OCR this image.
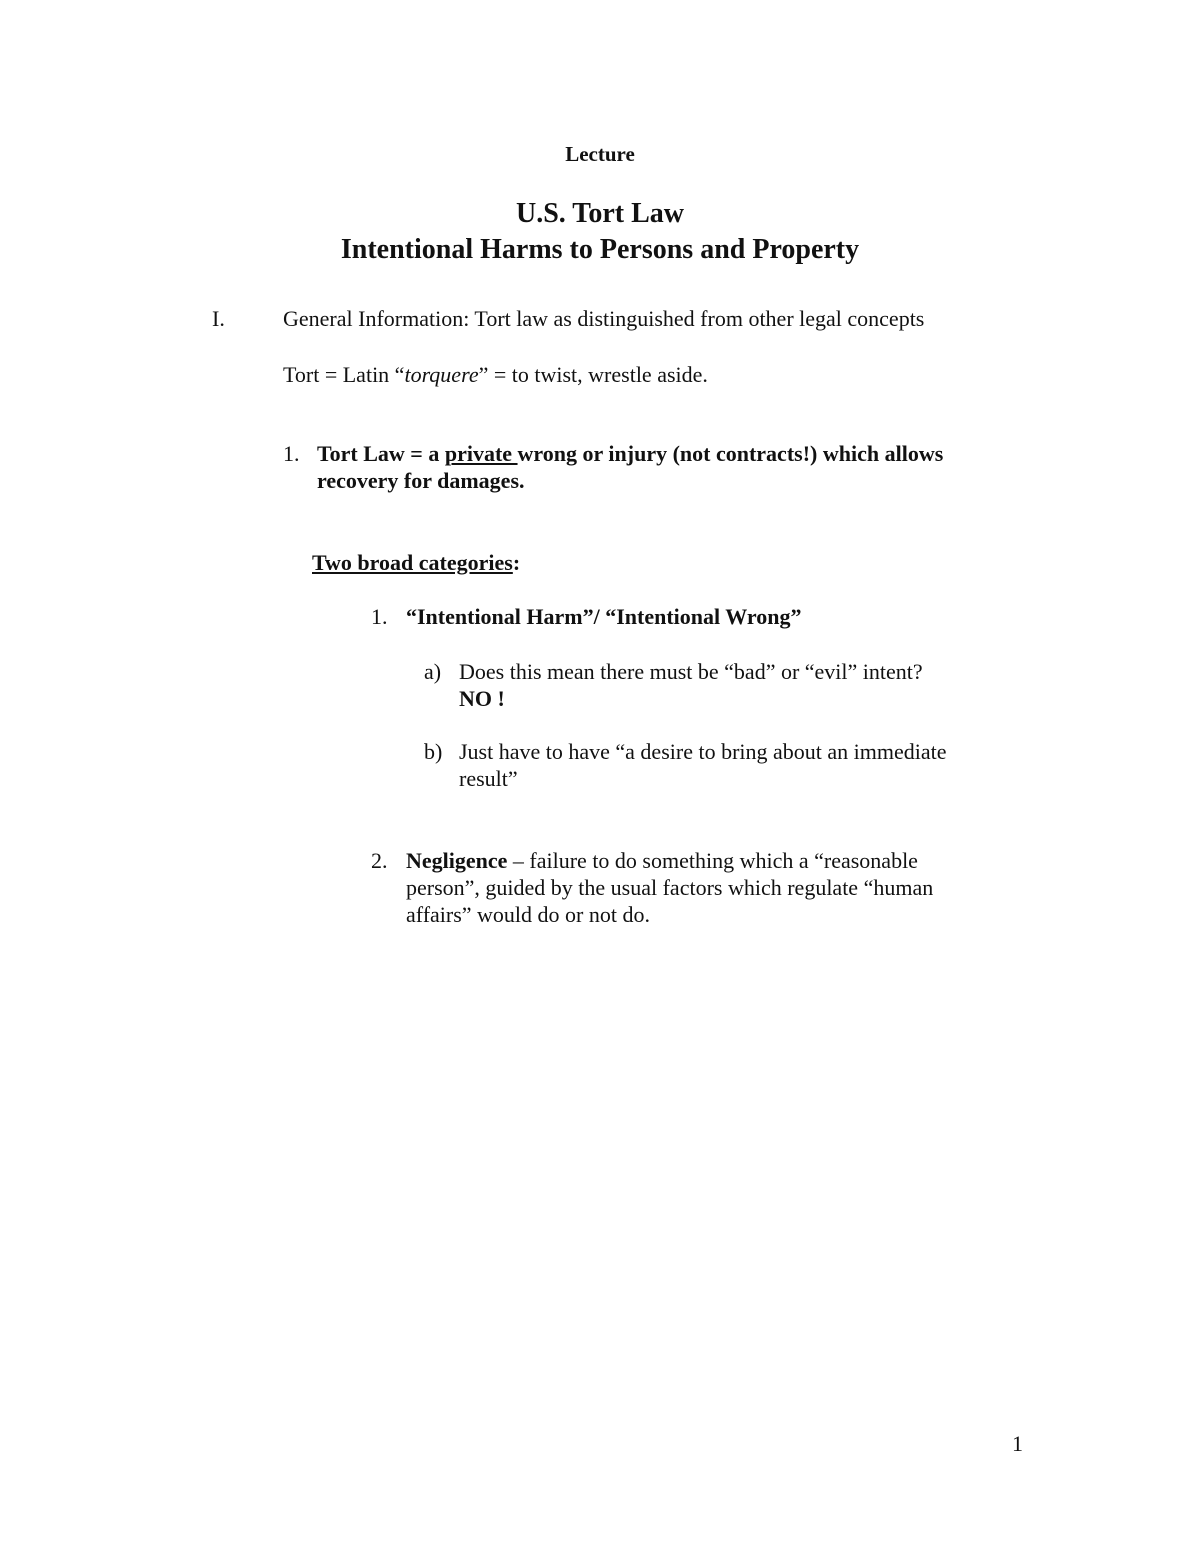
Lecture
U.S. Tort Law
Intentional Harms to Persons and Property
I.	General Information: Tort law as distinguished from other legal concepts
Tort = Latin “torquere” = to twist, wrestle aside.
1. Tort Law = a private wrong or injury (not contracts!) which allows
recovery for damages.
Two broad categories:
1. “Intentional Harm”/ “Intentional Wrong”
a) Does this mean there must be “bad” or “evil” intent?
NO !
b) Just have to have “a desire to bring about an immediate
result”
2. Negligence – failure to do something which a “reasonable
person”, guided by the usual factors which regulate “human
affairs” would do or not do.
1
